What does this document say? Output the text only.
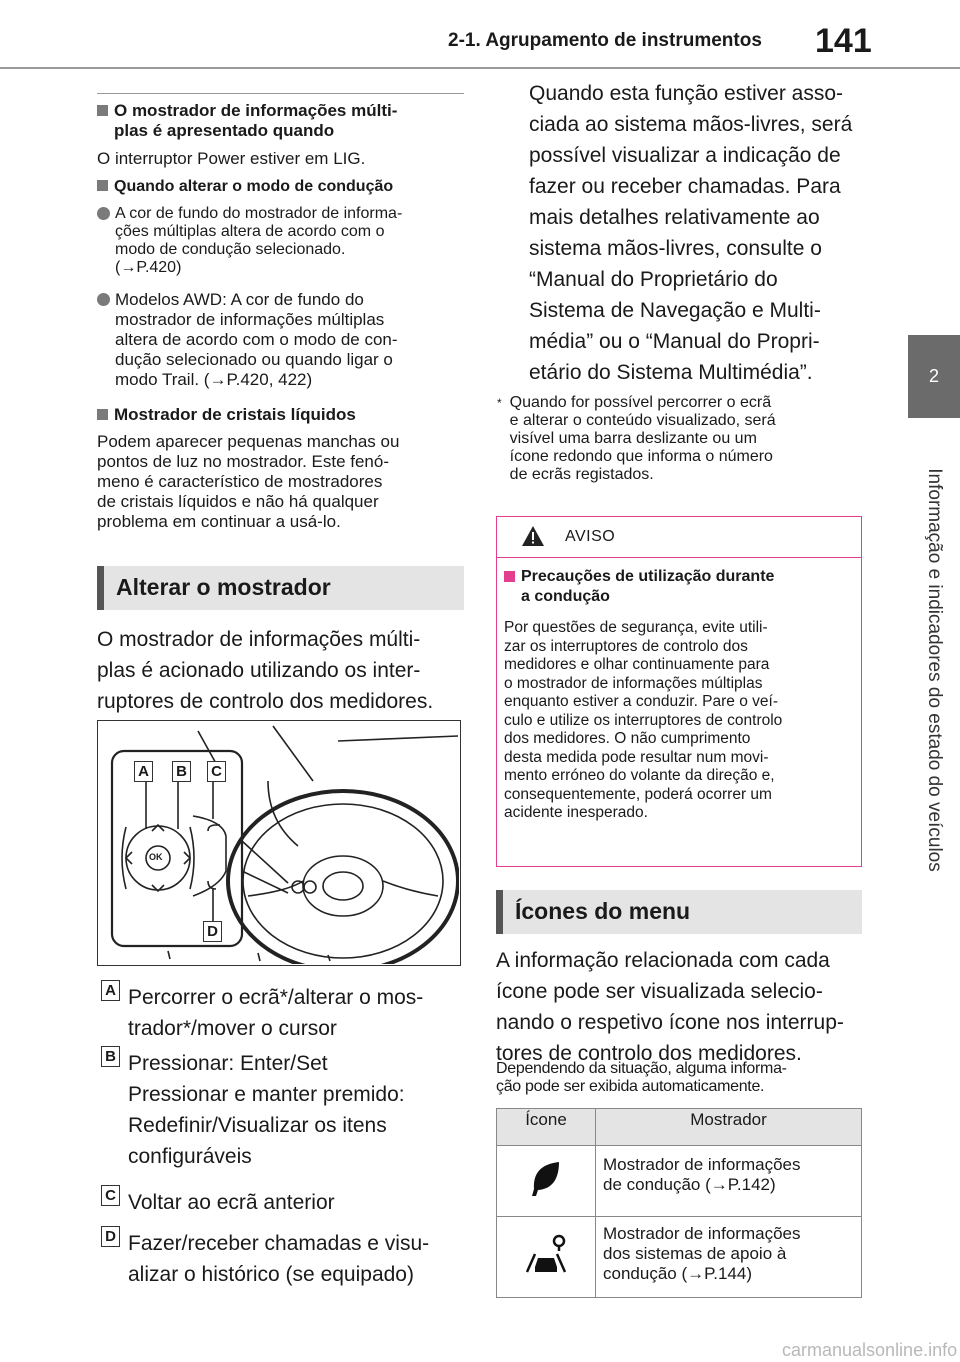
2-1. Agrupamento de instrumentos 141
2
Informação e indicadores do estado do veículos
O mostrador de informações múlti-
plas é apresentado quando
O interruptor Power estiver em LIG.
Quando alterar o modo de condução
A cor de fundo do mostrador de informa-
ções múltiplas altera de acordo com o
modo de condução selecionado.
(→P.420)
Modelos AWD: A cor de fundo do
mostrador de informações múltiplas
altera de acordo com o modo de con-
dução selecionado ou quando ligar o
modo Trail. (→P.420, 422)
Mostrador de cristais líquidos
Podem aparecer pequenas manchas ou
pontos de luz no mostrador. Este fenó-
meno é característico de mostradores
de cristais líquidos e não há qualquer
problema em continuar a usá-lo.
Alterar o mostrador
O mostrador de informações múlti-
plas é acionado utilizando os inter-
ruptores de controlo dos medidores.
A B C
D
OK
A Percorrer o ecrã*/alterar o mos-
trador*/mover o cursor
B Pressionar: Enter/Set
Pressionar e manter premido:
Redefinir/Visualizar os itens
configuráveis
C Voltar ao ecrã anterior
D Fazer/receber chamadas e visu-
alizar o histórico (se equipado)
Quando esta função estiver asso-
ciada ao sistema mãos-livres, será
possível visualizar a indicação de
fazer ou receber chamadas. Para
mais detalhes relativamente ao
sistema mãos-livres, consulte o
“Manual do Proprietário do
Sistema de Navegação e Multi-
média” ou o “Manual do Propri-
etário do Sistema Multimédia”.
* Quando for possível percorrer o ecrã
e alterar o conteúdo visualizado, será
visível uma barra deslizante ou um
ícone redondo que informa o número
de ecrãs registados.
AVISO
Precauções de utilização durante
a condução
Por questões de segurança, evite utili-
zar os interruptores de controlo dos
medidores e olhar continuamente para
o mostrador de informações múltiplas
enquanto estiver a conduzir. Pare o veí-
culo e utilize os interruptores de controlo
dos medidores. O não cumprimento
desta medida pode resultar num movi-
mento erróneo do volante da direção e,
consequentemente, poderá ocorrer um
acidente inesperado.
Ícones do menu
A informação relacionada com cada
ícone pode ser visualizada selecio-
nando o respetivo ícone nos interrup-
tores de controlo dos medidores.
Dependendo da situação, alguma informa-
ção pode ser exibida automaticamente.
Ícone	Mostrador
	Mostrador de informações
de condução (→P.142)
	Mostrador de informações
dos sistemas de apoio à
condução (→P.144)
carmanualsonline.info
